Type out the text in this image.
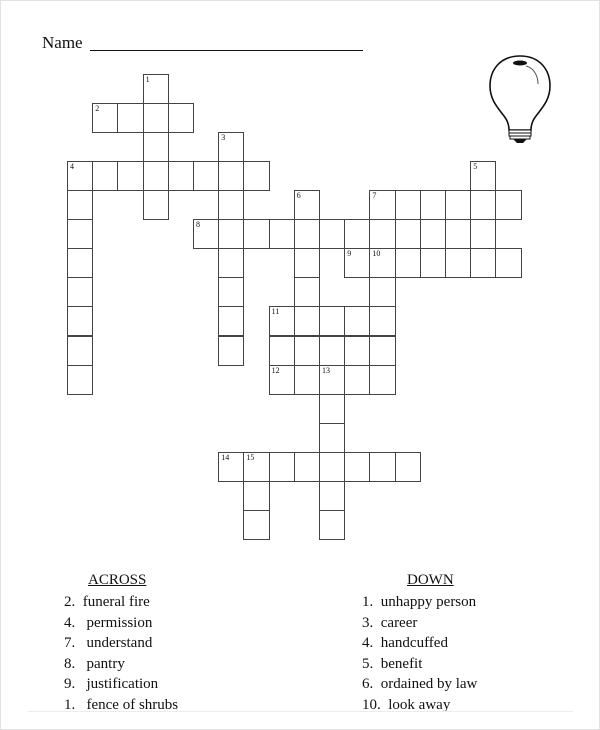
Name
1
2
3
4	5
6	7
8
9	10
11
12	13
14 15
ACROSS
2.  funeral fire
4.   permission
7.   understand
8.   pantry
9.   justification
1.   fence of shrubs
DOWN
1.  unhappy person
3.  career
4.  handcuffed
5.  benefit
6.  ordained by law
10.  look away
